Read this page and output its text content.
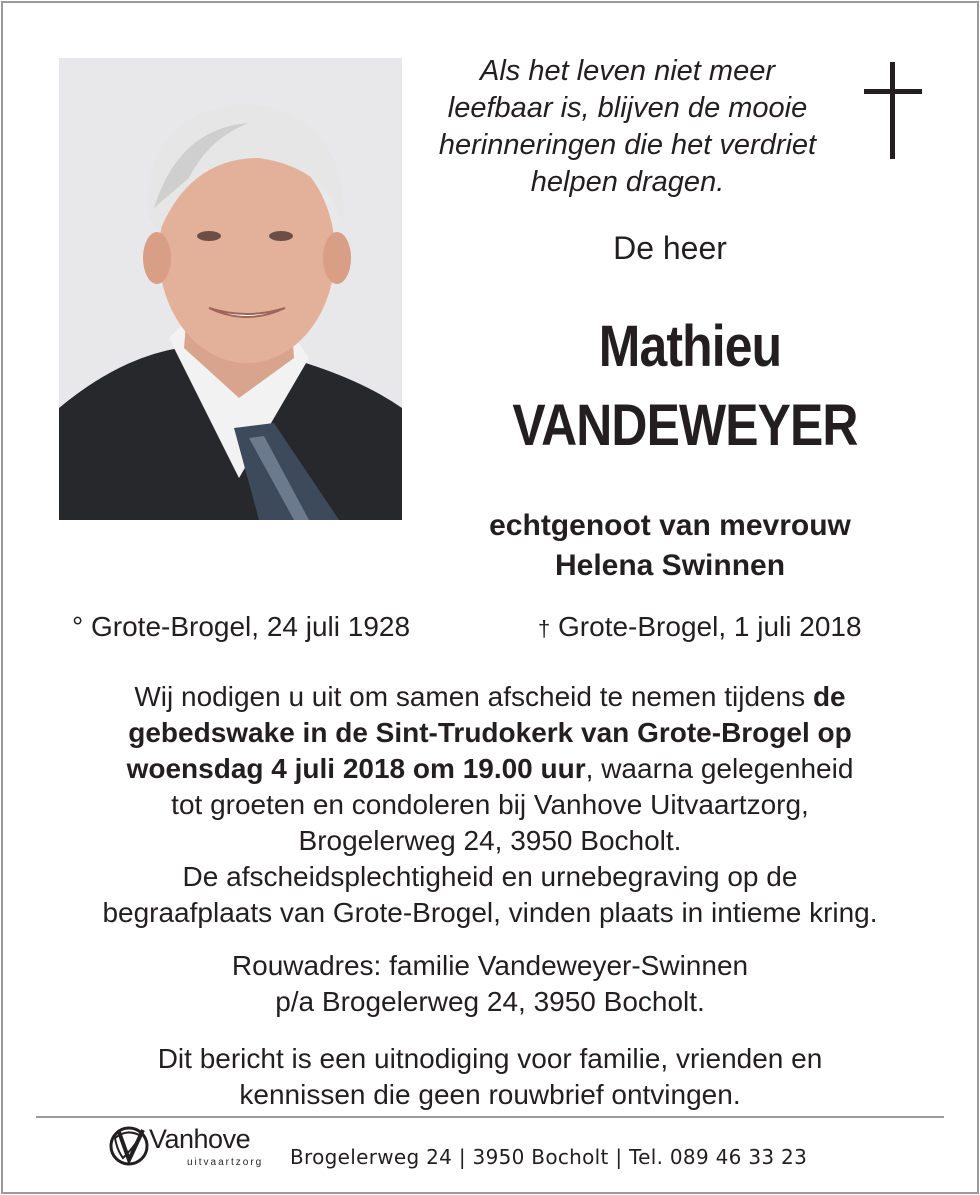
Als het leven niet meer
leefbaar is, blijven de mooie
herinneringen die het verdriet
helpen dragen.
De heer
Mathieu
VANDEWEYER
echtgenoot van mevrouw
Helena Swinnen
° Grote-Brogel, 24 juli 1928	† Grote-Brogel, 1 juli 2018
Wij nodigen u uit om samen afscheid te nemen tijdens de
gebedswake in de Sint-Trudokerk van Grote-Brogel op
woensdag 4 juli 2018 om 19.00 uur, waarna gelegenheid
tot groeten en condoleren bij Vanhove Uitvaartzorg,
Brogelerweg 24, 3950 Bocholt.
De afscheidsplechtigheid en urnebegraving op de
begraafplaats van Grote-Brogel, vinden plaats in intieme kring.
Rouwadres: familie Vandeweyer-Swinnen
p/a Brogelerweg 24, 3950 Bocholt.
Dit bericht is een uitnodiging voor familie, vrienden en
kennissen die geen rouwbrief ontvingen.
Vanhove
uitvaartzorg Brogelerweg 24 | 3950 Bocholt | Tel. 089 46 33 23
